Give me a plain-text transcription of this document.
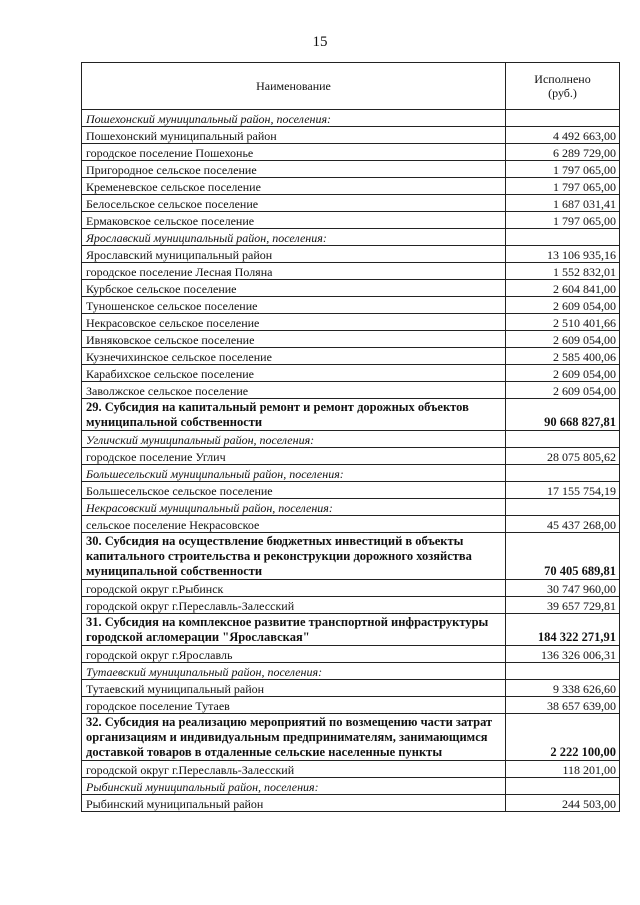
15
Наименование	Исполнено
(руб.)
Пошехонский муниципальный район, поселения:	
Пошехонский муниципальный район	4 492 663,00
городское поселение Пошехонье	6 289 729,00
Пригородное сельское поселение	1 797 065,00
Кременевское сельское поселение	1 797 065,00
Белосельское сельское поселение	1 687 031,41
Ермаковское сельское поселение	1 797 065,00
Ярославский муниципальный район, поселения:	
Ярославский муниципальный район	13 106 935,16
городское поселение Лесная Поляна	1 552 832,01
Курбское сельское поселение	2 604 841,00
Туношенское сельское поселение	2 609 054,00
Некрасовское сельское поселение	2 510 401,66
Ивняковское сельское поселение	2 609 054,00
Кузнечихинское сельское поселение	2 585 400,06
Карабихское сельское поселение	2 609 054,00
Заволжское сельское поселение	2 609 054,00
29. Субсидия на капитальный ремонт и ремонт дорожных объектов муниципальной собственности	90 668 827,81
Угличский муниципальный район, поселения:	
городское поселение Углич	28 075 805,62
Большесельский муниципальный район, поселения:	
Большесельское сельское поселение	17 155 754,19
Некрасовский муниципальный район, поселения:	
сельское поселение Некрасовское	45 437 268,00
30. Субсидия на осуществление бюджетных инвестиций в объекты капитального строительства и реконструкции дорожного хозяйства муниципальной собственности	70 405 689,81
городской округ г.Рыбинск	30 747 960,00
городской округ г.Переславль-Залесский	39 657 729,81
31. Субсидия на комплексное развитие транспортной инфраструктуры городской агломерации "Ярославская"	184 322 271,91
городской округ г.Ярославль	136 326 006,31
Тутаевский муниципальный район, поселения:	
Тутаевский муниципальный район	9 338 626,60
городское поселение Тутаев	38 657 639,00
32. Субсидия на реализацию мероприятий по возмещению части затрат организациям и индивидуальным предпринимателям, занимающимся доставкой товаров в отдаленные сельские населенные пункты	2 222 100,00
городской округ г.Переславль-Залесский	118 201,00
Рыбинский муниципальный район, поселения:	
Рыбинский муниципальный район	244 503,00
